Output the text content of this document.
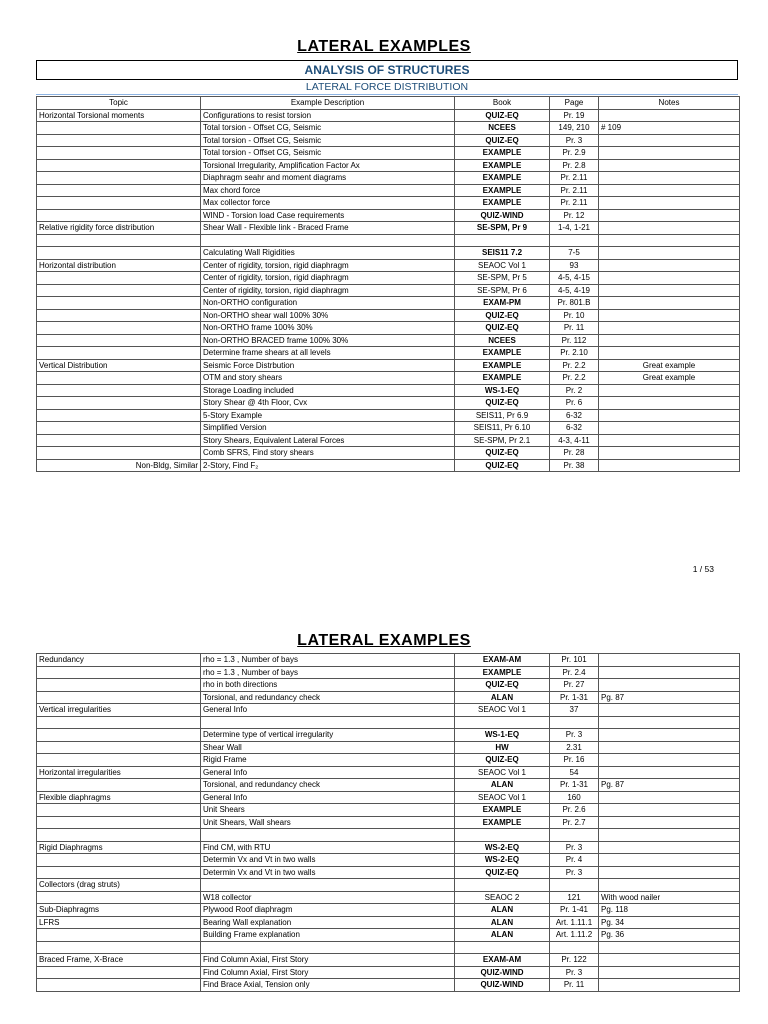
LATERAL EXAMPLES
ANALYSIS OF STRUCTURES
LATERAL FORCE DISTRIBUTION
Topic	Example Description	Book	Page	Notes
Horizontal Torsional moments	Configurations to resist torsion	QUIZ-EQ	Pr. 19	
	Total torsion - Offset CG, Seismic	NCEES	149, 210	# 109
	Total torsion - Offset CG, Seismic	QUIZ-EQ	Pr. 3	
	Total torsion - Offset CG, Seismic	EXAMPLE	Pr. 2.9	
	Torsional Irregularity, Amplification Factor Ax	EXAMPLE	Pr. 2.8	
	Diaphragm seahr and moment diagrams	EXAMPLE	Pr. 2.11	
	Max chord force	EXAMPLE	Pr. 2.11	
	Max collector force	EXAMPLE	Pr. 2.11	
	WIND - Torsion load Case requirements	QUIZ-WIND	Pr. 12	
Relative rigidity force distribution	Shear Wall - Flexible link - Braced Frame	SE-SPM, Pr 9	1-4, 1-21	

	Calculating Wall Rigidities	SEIS11 7.2	7-5	
Horizontal distribution	Center of rigidity, torsion, rigid diaphragm	SEAOC Vol 1	93	
	Center of rigidity, torsion, rigid diaphragm	SE-SPM, Pr 5	4-5, 4-15	
	Center of rigidity, torsion, rigid diaphragm	SE-SPM, Pr 6	4-5, 4-19	
	Non-ORTHO configuration	EXAM-PM	Pr. 801.B	
	Non-ORTHO shear wall 100% 30%	QUIZ-EQ	Pr. 10	
	Non-ORTHO frame 100% 30%	QUIZ-EQ	Pr. 11	
	Non-ORTHO BRACED frame 100% 30%	NCEES	Pr. 112	
	Determine frame shears at all levels	EXAMPLE	Pr. 2.10	
Vertical Distribution	Seismic Force Distrbution	EXAMPLE	Pr. 2.2	Great example
	OTM and story shears	EXAMPLE	Pr. 2.2	Great example
	Storage Loading included	WS-1-EQ	Pr. 2	
	Story Shear @ 4th Floor, Cvx	QUIZ-EQ	Pr. 6	
	5-Story Example	SEIS11, Pr 6.9	6-32	
	Simplified Version	SEIS11, Pr 6.10	6-32	
	Story Shears, Equivalent Lateral Forces	SE-SPM, Pr 2.1	4-3, 4-11	
	Comb SFRS, Find story shears	QUIZ-EQ	Pr. 28	
Non-Bldg, Similar	2-Story, Find F₂	QUIZ-EQ	Pr. 38	
1 / 53
LATERAL EXAMPLES
Redundancy	rho = 1.3 , Number of bays	EXAM-AM	Pr. 101	
	rho = 1.3 , Number of bays	EXAMPLE	Pr. 2.4	
	rho in both directions	QUIZ-EQ	Pr. 27	
	Torsional, and redundancy check	ALAN	Pr. 1-31	Pg. 87
Vertical irregularities	General Info	SEAOC Vol 1	37	

	Determine type of vertical irregularity	WS-1-EQ	Pr. 3	
	Shear Wall	HW	2.31	
	Rigid Frame	QUIZ-EQ	Pr. 16	
Horizontal irregularities	General Info	SEAOC Vol 1	54	
	Torsional, and redundancy check	ALAN	Pr. 1-31	Pg. 87
Flexible diaphragms	General Info	SEAOC Vol 1	160	
	Unit Shears	EXAMPLE	Pr. 2.6	
	Unit Shears, Wall shears	EXAMPLE	Pr. 2.7	

Rigid Diaphragms	Find CM, with RTU	WS-2-EQ	Pr. 3	
	Determin Vx and Vt in two walls	WS-2-EQ	Pr. 4	
	Determin Vx and Vt in two walls	QUIZ-EQ	Pr. 3	
Collectors (drag struts)				
	W18 collector	SEAOC 2	121	With wood nailer
Sub-Diaphragms	Plywood Roof diaphragm	ALAN	Pr. 1-41	Pg. 118
LFRS	Bearing Wall explanation	ALAN	Art. 1.11.1	Pg. 34
	Building Frame explanation	ALAN	Art. 1.11.2	Pg. 36

Braced Frame, X-Brace	Find Column Axial, First Story	EXAM-AM	Pr. 122	
	Find Column Axial, First Story	QUIZ-WIND	Pr. 3	
	Find Brace Axial, Tension only	QUIZ-WIND	Pr. 11	
